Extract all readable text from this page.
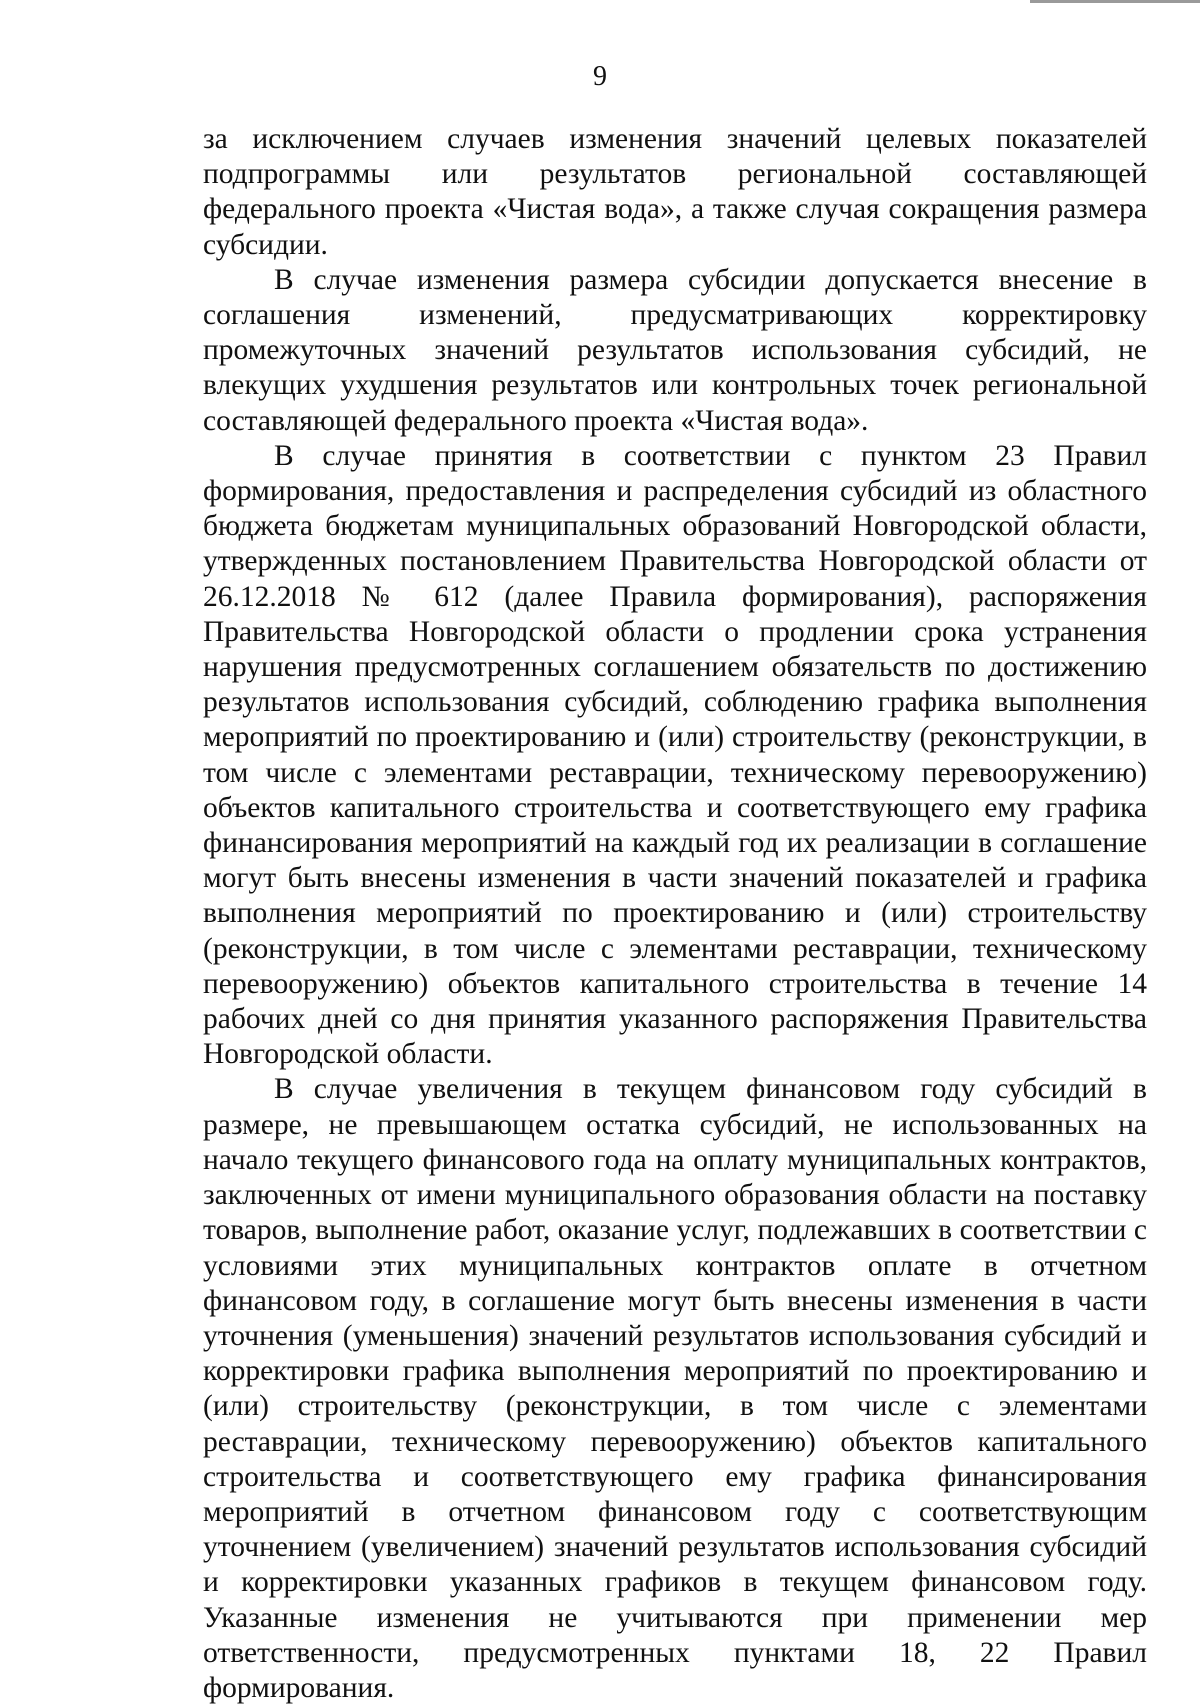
9

за исключением случаев изменения значений целевых показателей подпрограммы или результатов региональной составляющей федерального проекта «Чистая вода», а также случая сокращения размера субсидии.

В случае изменения размера субсидии допускается внесение в соглашения изменений, предусматривающих корректировку промежуточных значений результатов использования субсидий, не влекущих ухудшения результатов или контрольных точек региональной составляющей федерального проекта «Чистая вода».

В случае принятия в соответствии с пунктом 23 Правил формирования, предоставления и распределения субсидий из областного бюджета бюджетам муниципальных образований Новгородской области, утвержденных постановлением Правительства Новгородской области от 26.12.2018 № 612 (далее Правила формирования), распоряжения Правительства Новгородской области о продлении срока устранения нарушения предусмотренных соглашением обязательств по достижению результатов использования субсидий, соблюдению графика выполнения мероприятий по проектированию и (или) строительству (реконструкции, в том числе с элементами реставрации, техническому перевооружению) объектов капитального строительства и соответствующего ему графика финансирования мероприятий на каждый год их реализации в соглашение могут быть внесены изменения в части значений показателей и графика выполнения мероприятий по проектированию и (или) строительству (реконструкции, в том числе с элементами реставрации, техническому перевооружению) объектов капитального строительства в течение 14 рабочих дней со дня принятия указанного распоряжения Правительства Новгородской области.

В случае увеличения в текущем финансовом году субсидий в размере, не превышающем остатка субсидий, не использованных на начало текущего финансового года на оплату муниципальных контрактов, заключенных от имени муниципального образования области на поставку товаров, выполнение работ, оказание услуг, подлежавших в соответствии с условиями этих муниципальных контрактов оплате в отчетном финансовом году, в соглашение могут быть внесены изменения в части уточнения (уменьшения) значений результатов использования субсидий и корректировки графика выполнения мероприятий по проектированию и (или) строительству (реконструкции, в том числе с элементами реставрации, техническому перевооружению) объектов капитального строительства и соответствующего ему графика финансирования мероприятий в отчетном финансовом году с соответствующим уточнением (увеличением) значений результатов использования субсидий и корректировки указанных графиков в текущем финансовом году. Указанные изменения не учитываются при применении мер ответственности, предусмотренных пунктами 18, 22 Правил формирования.
